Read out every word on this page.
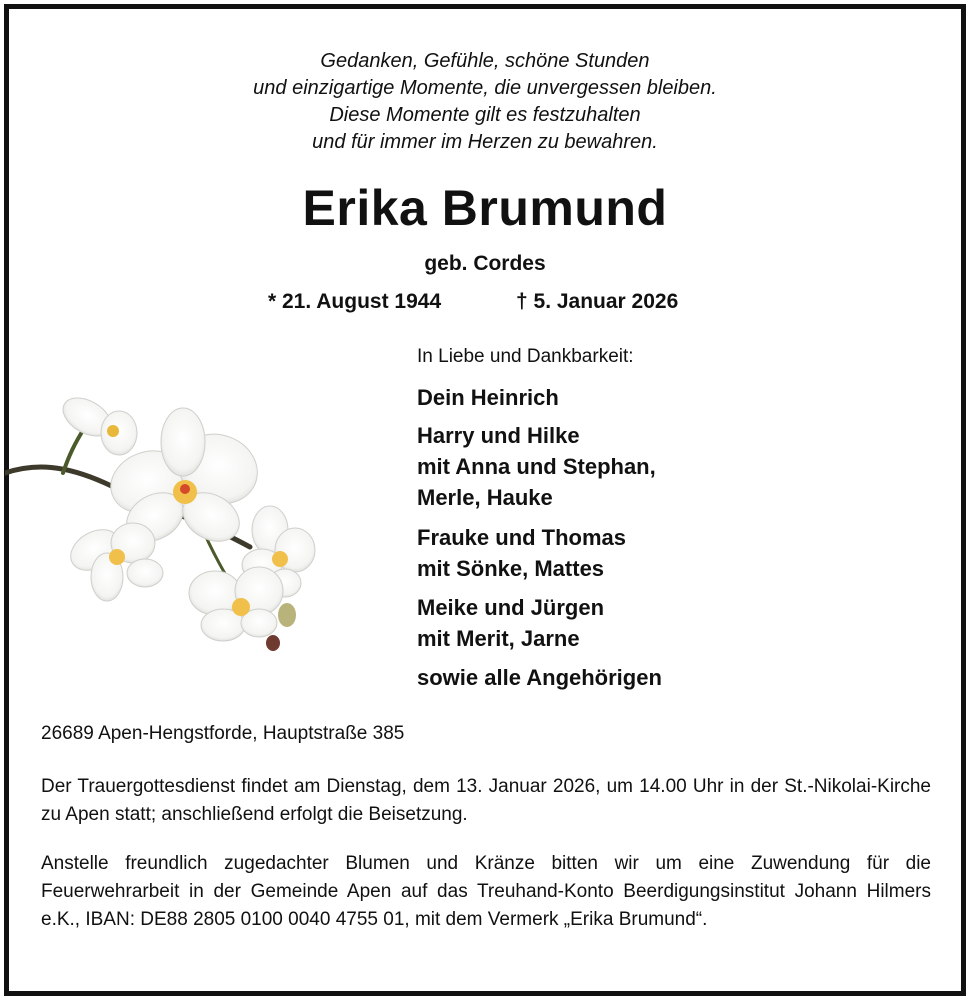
Gedanken, Gefühle, schöne Stunden
und einzigartige Momente, die unvergessen bleiben.
Diese Momente gilt es festzuhalten
und für immer im Herzen zu bewahren.
Erika Brumund
geb. Cordes
* 21. August 1944	† 5. Januar 2026
In Liebe und Dankbarkeit:
Dein Heinrich
Harry und Hilke
mit Anna und Stephan,
Merle, Hauke
Frauke und Thomas
mit Sönke, Mattes
Meike und Jürgen
mit Merit, Jarne
sowie alle Angehörigen
26689 Apen-Hengstforde, Hauptstraße 385
Der Trauergottesdienst findet am Dienstag, dem 13. Januar 2026, um 14.00 Uhr in der St.-Nikolai-Kirche zu Apen statt; anschließend erfolgt die Beisetzung.
Anstelle freundlich zugedachter Blumen und Kränze bitten wir um eine Zuwendung für die Feuerwehrarbeit in der Gemeinde Apen auf das Treuhand-Konto Beerdigungsinstitut Johann Hilmers e.K., IBAN: DE88 2805 0100 0040 4755 01, mit dem Vermerk „Erika Brumund“.
